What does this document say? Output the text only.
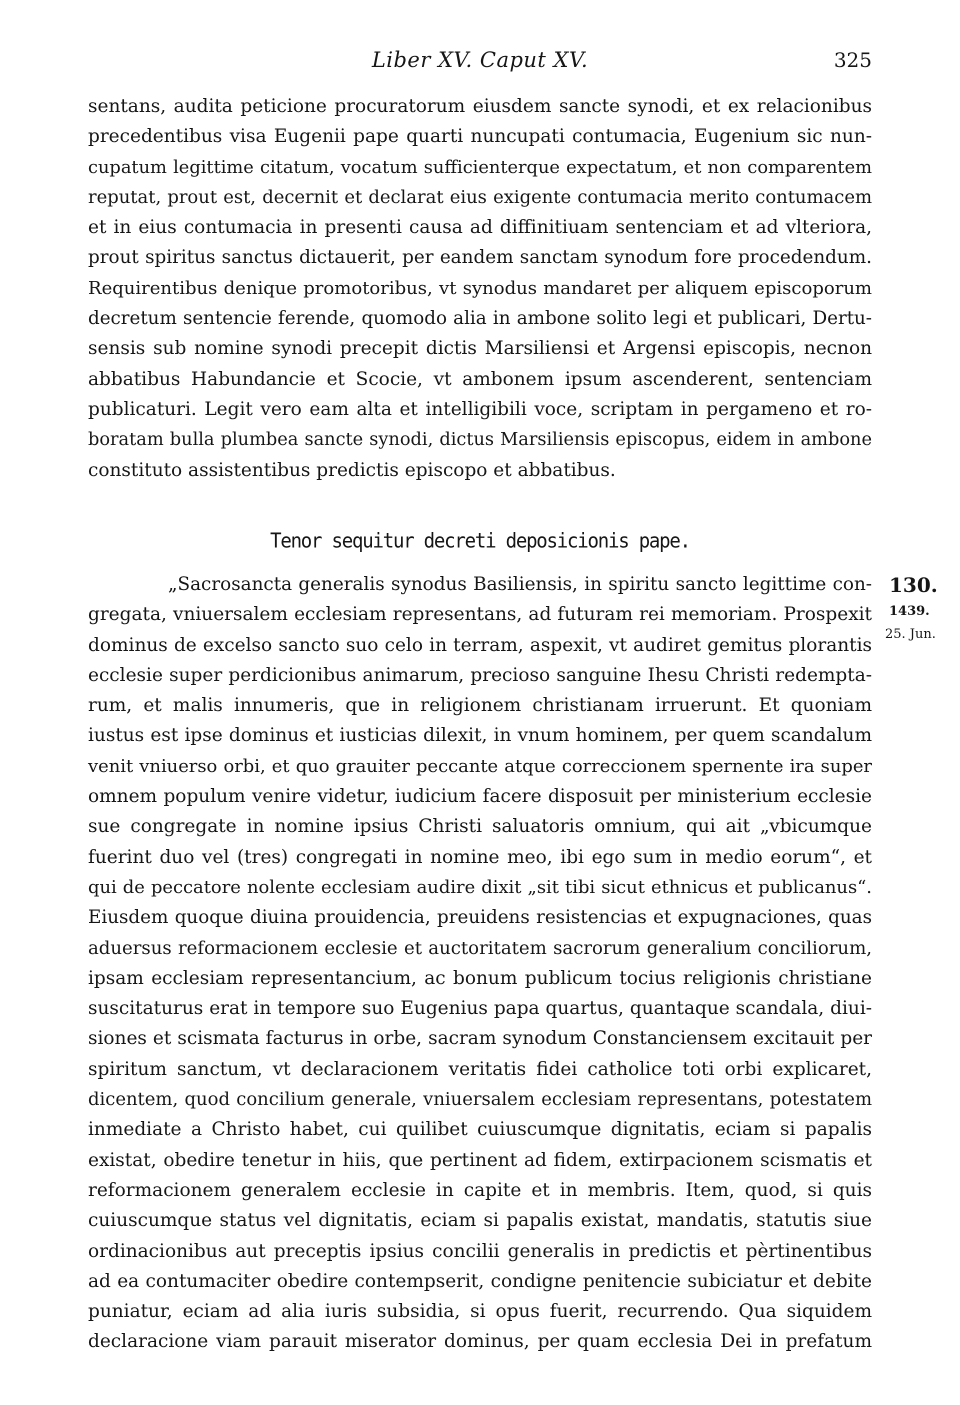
Liber XV. Caput XV.	325
sentans, audita peticione procuratorum eiusdem sancte synodi, et ex relacionibus
precedentibus visa Eugenii pape quarti nuncupati contumacia, Eugenium sic nun-
cupatum legittime citatum, vocatum sufficienterque expectatum, et non comparentem
reputat, prout est, decernit et declarat eius exigente contumacia merito contumacem
et in eius contumacia in presenti causa ad diffinitiuam sentenciam et ad vlteriora,
prout spiritus sanctus dictauerit, per eandem sanctam synodum fore procedendum.
Requirentibus denique promotoribus, vt synodus mandaret per aliquem episcoporum
decretum sentencie ferende, quomodo alia in ambone solito legi et publicari, Dertu-
sensis sub nomine synodi precepit dictis Marsiliensi et Argensi episcopis, necnon
abbatibus Habundancie et Scocie, vt ambonem ipsum ascenderent, sentenciam
publicaturi. Legit vero eam alta et intelligibili voce, scriptam in pergameno et ro-
boratam bulla plumbea sancte synodi, dictus Marsiliensis episcopus, eidem in ambone
constituto assistentibus predictis episcopo et abbatibus.
Tenor sequitur decreti deposicionis pape.
130.
1439.
25. Jun.
„Sacrosancta generalis synodus Basiliensis, in spiritu sancto legittime con-
gregata, vniuersalem ecclesiam representans, ad futuram rei memoriam. Prospexit
dominus de excelso sancto suo celo in terram, aspexit, vt audiret gemitus plorantis
ecclesie super perdicionibus animarum, precioso sanguine Ihesu Christi redempta-
rum, et malis innumeris, que in religionem christianam irruerunt. Et quoniam
iustus est ipse dominus et iusticias dilexit, in vnum hominem, per quem scandalum
venit vniuerso orbi, et quo grauiter peccante atque correccionem spernente ira super
omnem populum venire videtur, iudicium facere disposuit per ministerium ecclesie
sue congregate in nomine ipsius Christi saluatoris omnium, qui ait „vbicumque
fuerint duo vel (tres) congregati in nomine meo, ibi ego sum in medio eorum“, et
qui de peccatore nolente ecclesiam audire dixit „sit tibi sicut ethnicus et publicanus“.
Eiusdem quoque diuina prouidencia, preuidens resistencias et expugnaciones, quas
aduersus reformacionem ecclesie et auctoritatem sacrorum generalium conciliorum,
ipsam ecclesiam representancium, ac bonum publicum tocius religionis christiane
suscitaturus erat in tempore suo Eugenius papa quartus, quantaque scandala, diui-
siones et scismata facturus in orbe, sacram synodum Constanciensem excitauit per
spiritum sanctum, vt declaracionem veritatis fidei catholice toti orbi explicaret,
dicentem, quod concilium generale, vniuersalem ecclesiam representans, potestatem
inmediate a Christo habet, cui quilibet cuiuscumque dignitatis, eciam si papalis
existat, obedire tenetur in hiis, que pertinent ad fidem, extirpacionem scismatis et
reformacionem generalem ecclesie in capite et in membris. Item, quod, si quis
cuiuscumque status vel dignitatis, eciam si papalis existat, mandatis, statutis siue
ordinacionibus aut preceptis ipsius concilii generalis in predictis et pèrtinentibus
ad ea contumaciter obedire contempserit, condigne penitencie subiciatur et debite
puniatur, eciam ad alia iuris subsidia, si opus fuerit, recurrendo. Qua siquidem
declaracione viam parauit miserator dominus, per quam ecclesia Dei in prefatum
